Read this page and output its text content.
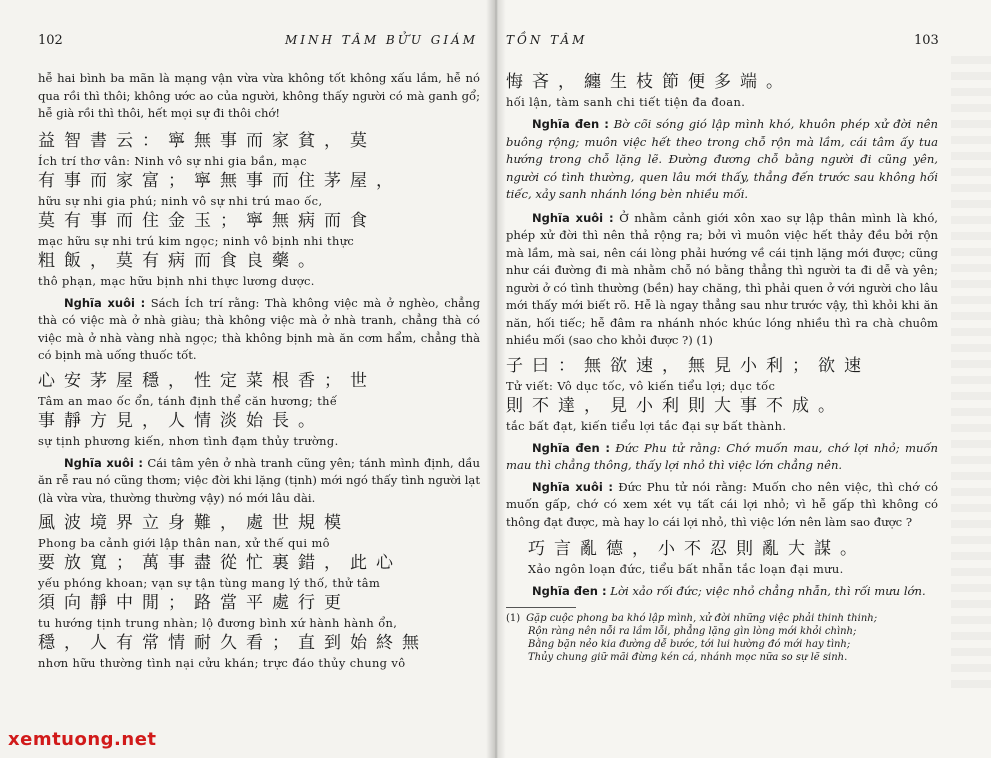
102	MINH TÂM BỬU GIÁM

hễ hai bình ba mãn là mạng vận vừa vừa không tốt không xấu lắm, hễ nó qua rồi thì thôi; không ước ao của người, không thấy người có mà ganh gổ; hễ già rồi thì thôi, hết mọi sự đi thôi chớ!

益智書云：寧無事而家貧，莫
Ích trí thơ vân: Ninh vô sự nhi gia bần, mạc
有事而家富；寧無事而住茅屋，
hữu sự nhi gia phú; ninh vô sự nhi trú mao ốc,
莫有事而住金玉；寧無病而食
mạc hữu sự nhi trú kim ngọc; ninh vô bịnh nhi thực
粗飯，莫有病而食良藥。
thô phạn, mạc hữu bịnh nhi thực lương dược.

Nghĩa xuôi : Sách Ích trí rằng: Thà không việc mà ở nghèo, chẳng thà có việc mà ở nhà giàu; thà không việc mà ở nhà tranh, chẳng thà có việc mà ở nhà vàng nhà ngọc; thà không bịnh mà ăn cơm hẩm, chẳng thà có bịnh mà uống thuốc tốt.

心安茅屋穩，性定菜根香；世
Tâm an mao ốc ổn, tánh định thể căn hương; thế
事靜方見，人情淡始長。
sự tịnh phương kiến, nhơn tình đạm thủy trường.

Nghĩa xuôi : Cái tâm yên ở nhà tranh cũng yên; tánh mình định, dầu ăn rễ rau nó cũng thơm; việc đời khi lặng (tịnh) mới ngó thấy tình người lạt (là vừa vừa, thường thường vậy) nó mới lâu dài.

風波境界立身難，處世規模
Phong ba cảnh giới lập thân nan, xử thế qui mô
要放寬；萬事盡從忙裏錯，此心
yếu phóng khoan; vạn sự tận tùng mang lý thố, thử tâm
須向靜中閒；路當平處行更
tu hướng tịnh trung nhàn; lộ đương bình xứ hành hành ổn,
穩，人有常情耐久看；直到始終無
nhơn hữu thường tình nại cửu khán; trực đáo thủy chung vô
TỒN TÂM	103
悔吝，纏生枝節便多端。
hối lận, tàm sanh chi tiết tiện đa đoan.

Nghĩa đen : Bờ cõi sóng gió lập mình khó, khuôn phép xử đời nên buông rộng; muôn việc hết theo trong chỗ rộn mà lầm, cái tâm ấy tua hướng trong chỗ lặng lẽ. Đường đương chỗ bằng người đi cũng yên, người có tình thường, quen lâu mới thấy, thẳng đến trước sau không hối tiếc, xảy sanh nhánh lóng bèn nhiều mối.

Nghĩa xuôi : Ở nhằm cảnh giới xôn xao sự lập thân mình là khó, phép xử đời thì nên thả rộng ra; bởi vì muôn việc hết thảy đều bởi rộn mà lầm, mà sai, nên cái lòng phải hướng về cái tịnh lặng mới được; cũng như cái đường đi mà nhằm chỗ nó bằng thẳng thì người ta đi dễ và yên; người ở có tình thường (bền) hay chăng, thì phải quen ở với người cho lâu mới thấy mới biết rõ. Hễ là ngay thẳng sau như trước vậy, thì khỏi khi ăn năn, hối tiếc; hễ đâm ra nhánh nhóc khúc lóng nhiều thì ra chà chuôm nhiều mối (sao cho khỏi được ?) (1)

子曰：無欲速，無見小利；欲速
Tử viết: Vô dục tốc, vô kiến tiểu lợi; dục tốc
則不達，見小利則大事不成。
tắc bất đạt, kiến tiểu lợi tắc đại sự bất thành.

Nghĩa đen : Đức Phu tử rằng: Chớ muốn mau, chớ lợi nhỏ; muốn mau thì chẳng thông, thấy lợi nhỏ thì việc lớn chẳng nên.

Nghĩa xuôi : Đức Phu tử nói rằng: Muốn cho nên việc, thì chớ có muốn gấp, chớ có xem xét vụ tất cái lợi nhỏ; vì hễ gấp thì không có thông đạt được, mà hay lo cái lợi nhỏ, thì việc lớn nên làm sao được ?

巧言亂德，小不忍則亂大謀。
Xảo ngôn loạn đức, tiểu bất nhẫn tắc loạn đại mưu.

Nghĩa đen : Lời xảo rối đức; việc nhỏ chẳng nhẫn, thì rối mưu lớn.

(1) Gặp cuộc phong ba khó lập mình, xử đời những việc phải thinh thinh;
Rộn ràng nên nỗi ra lầm lỗi, phẳng lặng gìn lòng mới khỏi chình;
Bằng bặn nẻo kia đường dễ bước, tới lui hường đó mới hay tình;
Thủy chung giữ mãi đừng kén cá, nhánh mọc nữa so sự lẽ sinh.
xemtuong.net
